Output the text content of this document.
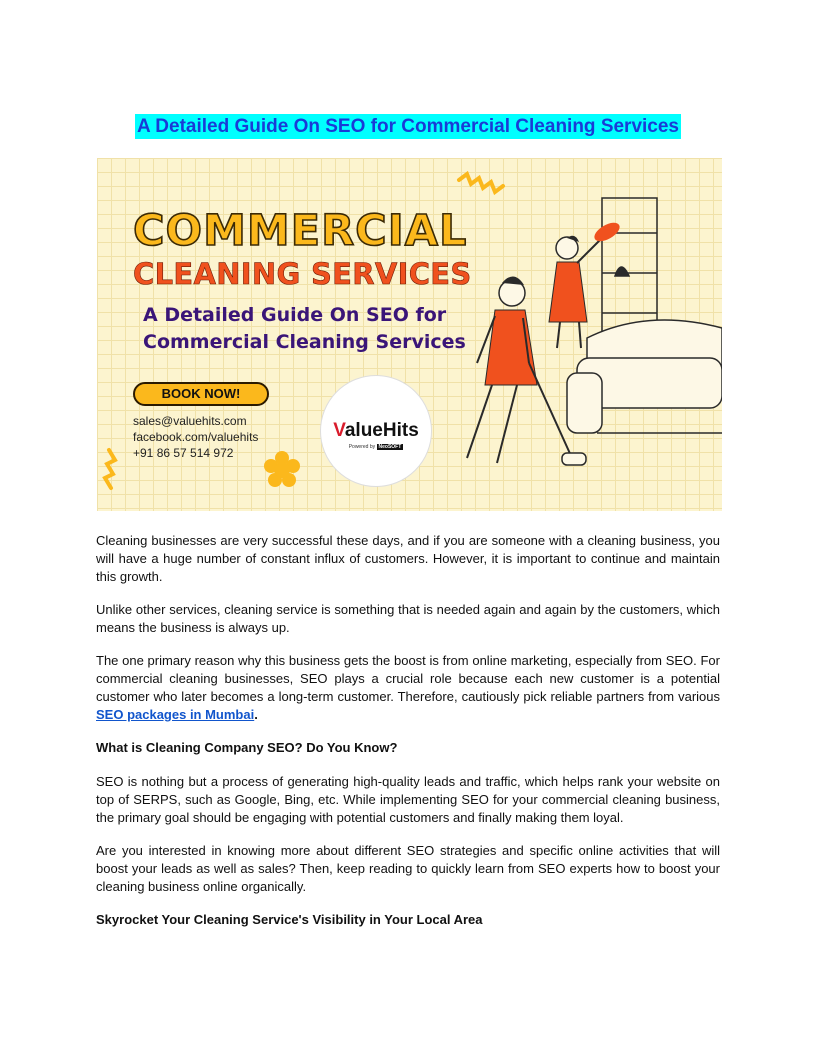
A Detailed Guide On SEO for Commercial Cleaning Services
COMMERCIAL
CLEANING SERVICES
A Detailed Guide On SEO for Commercial Cleaning Services
BOOK NOW!
sales@valuehits.com
facebook.com/valuehits
+91 86 57 514 972
ValueHits
Powered by NeoSOFT

Cleaning businesses are very successful these days, and if you are someone with a cleaning business, you will have a huge number of constant influx of customers. However, it is important to continue and maintain this growth.

Unlike other services, cleaning service is something that is needed again and again by the customers, which means the business is always up.

The one primary reason why this business gets the boost is from online marketing, especially from SEO. For commercial cleaning businesses, SEO plays a crucial role because each new customer is a potential customer who later becomes a long-term customer. Therefore, cautiously pick reliable partners from various SEO packages in Mumbai.

What is Cleaning Company SEO? Do You Know?

SEO is nothing but a process of generating high-quality leads and traffic, which helps rank your website on top of SERPS, such as Google, Bing, etc. While implementing SEO for your commercial cleaning business, the primary goal should be engaging with potential customers and finally making them loyal.

Are you interested in knowing more about different SEO strategies and specific online activities that will boost your leads as well as sales? Then, keep reading to quickly learn from SEO experts how to boost your cleaning business online organically.

Skyrocket Your Cleaning Service's Visibility in Your Local Area
